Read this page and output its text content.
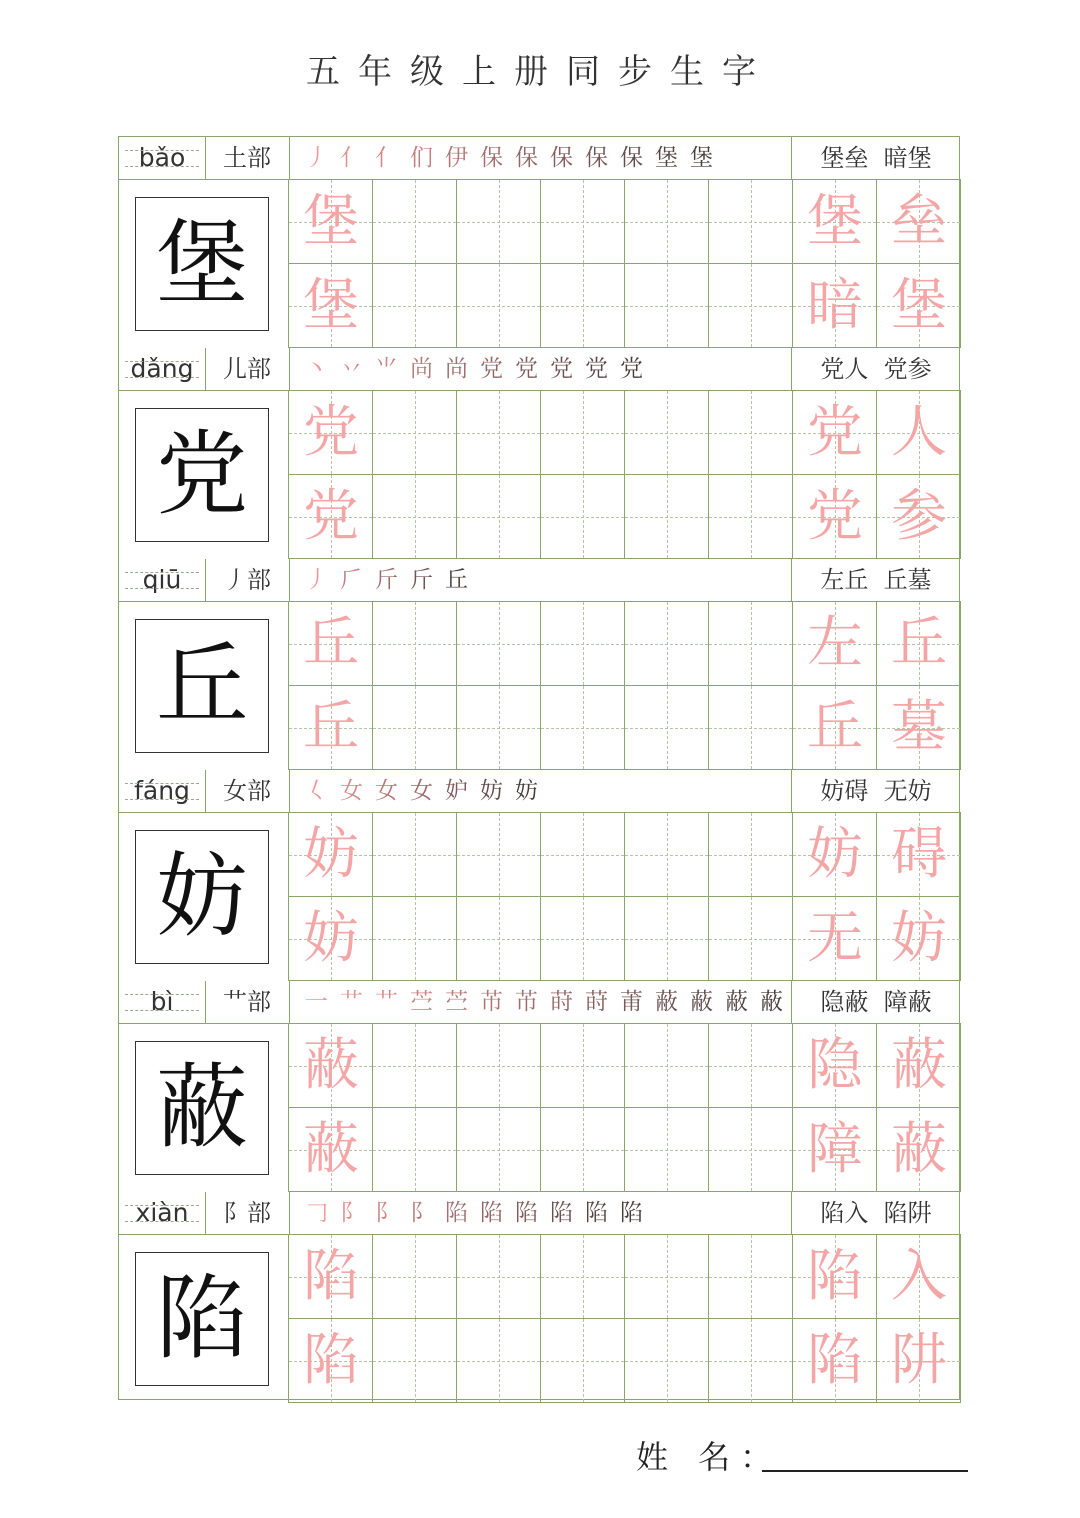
五年级上册同步生字
bǎo	土部	丿 亻 亻 们 伊 保 保 保 保 保 堡 堡	堡垒 暗堡
堡 堡	堡 垒
堡	暗 堡
dǎng	儿部	丶 丷 ⺌ 尚 尚 党 党 党 党 党	党人 党参
党 党	党 人
党	党 参
qiū	丿部	丿 𠂆 斤 斤 丘	左丘 丘墓
丘 丘	左 丘
丘	丘 墓
fáng	女部	𡿨 女 女 女 妒 妨 妨	妨碍 无妨
妨 妨	妨 碍
妨	无 妨
bì	艹部	一 艹 艹 苎 苎 芇 芇 莳 莳 莆 蔽 蔽 蔽 蔽	隐蔽 障蔽
蔽 蔽	隐 蔽
蔽	障 蔽
xiàn	阝部	𠃌 阝 阝 阝 陷 陷 陷 陷 陷 陷	陷入 陷阱
陷 陷	陷 入
陷	陷 阱
姓 名：
